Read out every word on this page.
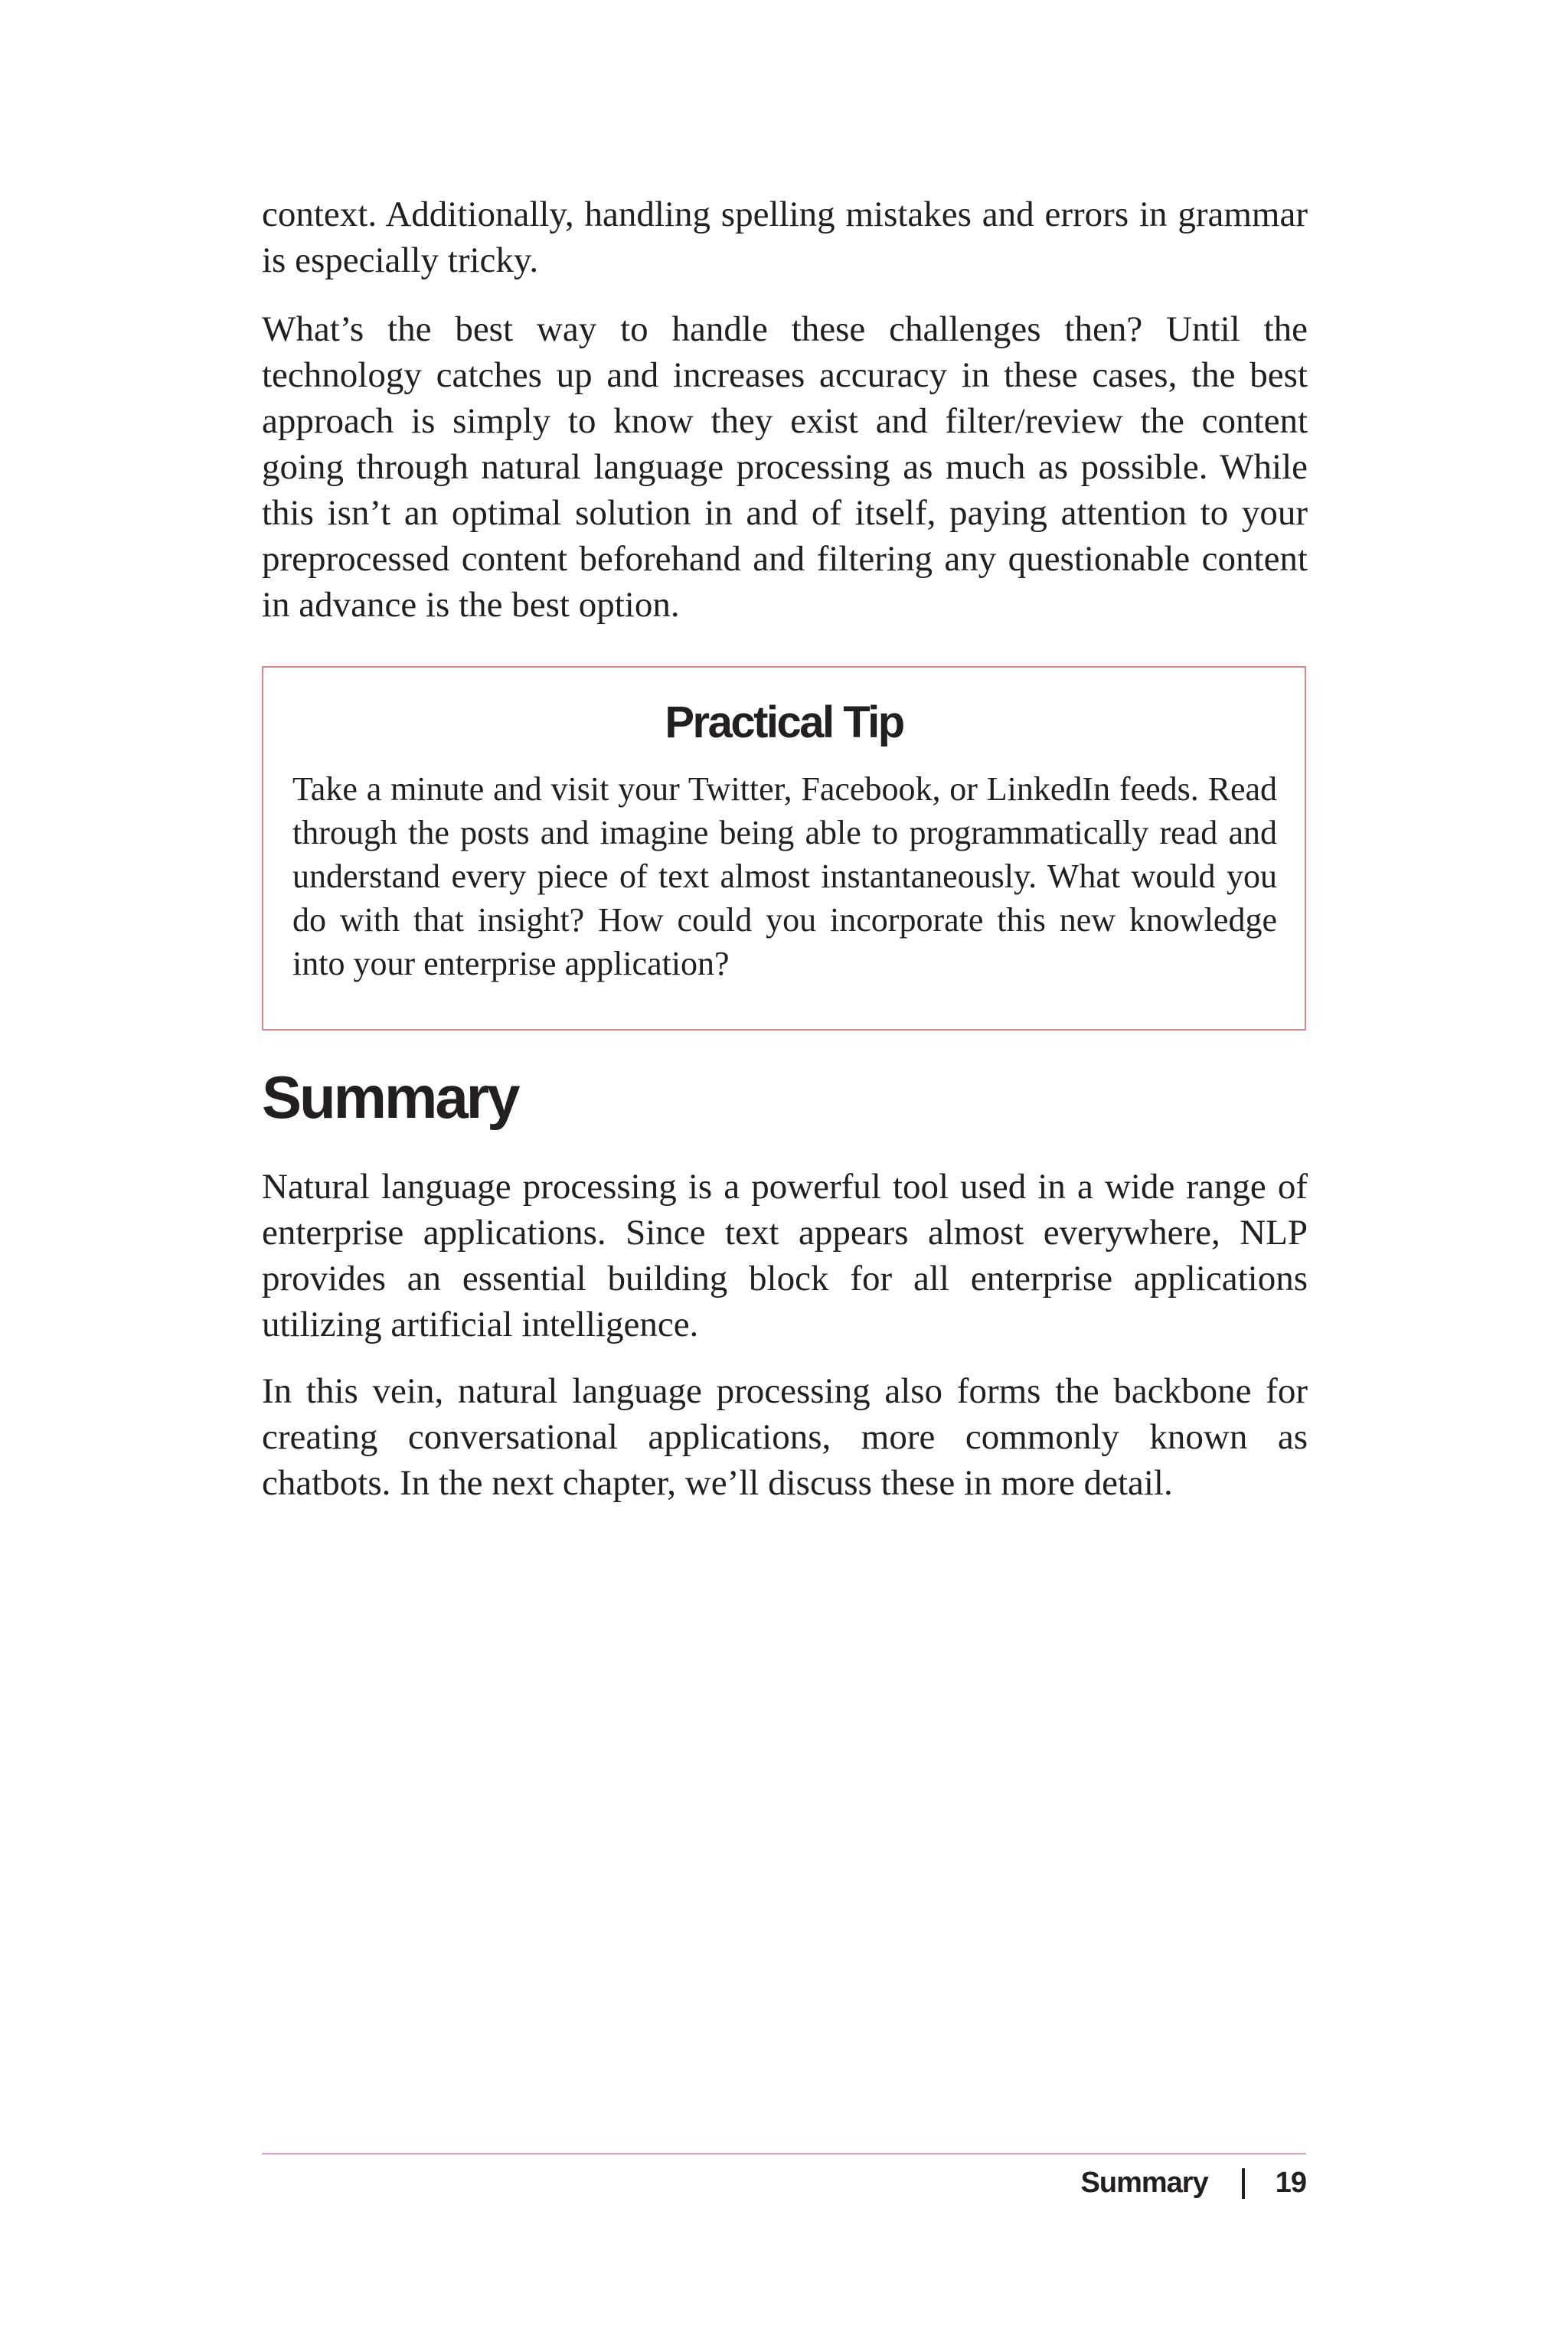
context. Additionally, handling spelling mistakes and errors in grammar is especially tricky.

What’s the best way to handle these challenges then? Until the technology catches up and increases accuracy in these cases, the best approach is simply to know they exist and filter/review the content going through natural language processing as much as possible. While this isn’t an optimal solution in and of itself, paying attention to your preprocessed content beforehand and filtering any questionable content in advance is the best option.

Practical Tip

Take a minute and visit your Twitter, Facebook, or LinkedIn feeds. Read through the posts and imagine being able to programmatically read and understand every piece of text almost instantaneously. What would you do with that insight? How could you incorporate this new knowledge into your enterprise application?

Summary

Natural language processing is a powerful tool used in a wide range of enterprise applications. Since text appears almost everywhere, NLP provides an essential building block for all enterprise applications utilizing artificial intelligence.

In this vein, natural language processing also forms the backbone for creating conversational applications, more commonly known as chatbots. In the next chapter, we’ll discuss these in more detail.

Summary 19
